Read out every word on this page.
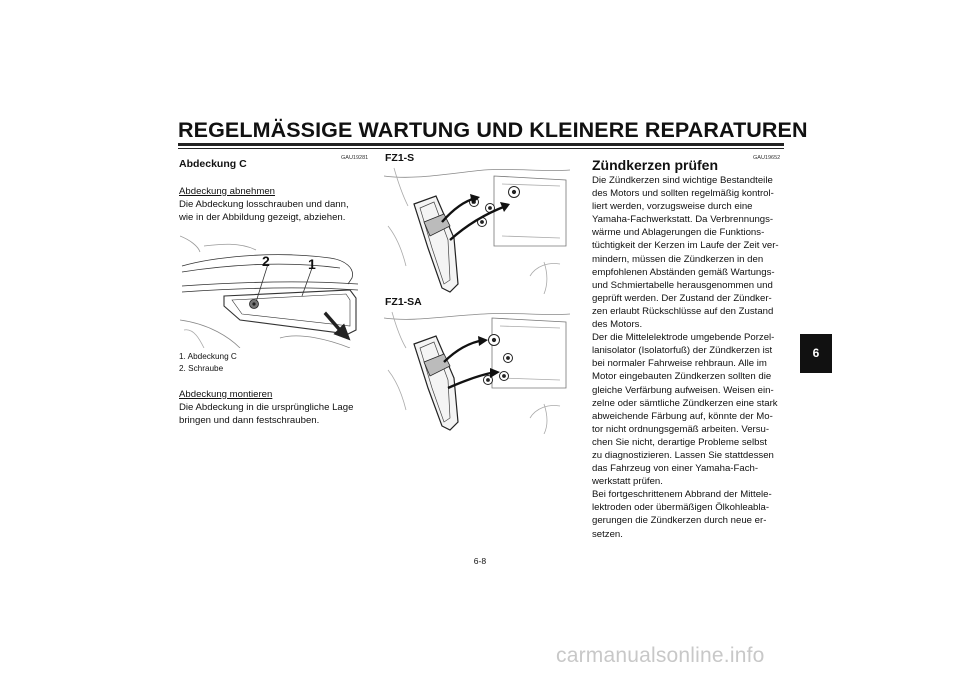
REGELMÄSSIGE WARTUNG UND KLEINERE REPARATUREN
GAU19281
Abdeckung C
Abdeckung abnehmen
Die Abdeckung losschrauben und dann,
wie in der Abbildung gezeigt, abziehen.
2	1
1. Abdeckung C
2. Schraube
Abdeckung montieren
Die Abdeckung in die ursprüngliche Lage
bringen und dann festschrauben.
FZ1-S
FZ1-SA
GAU19652
Zündkerzen prüfen
Die Zündkerzen sind wichtige Bestandteile
des Motors und sollten regelmäßig kontrol-
liert werden, vorzugsweise durch eine
Yamaha-Fachwerkstatt. Da Verbrennungs-
wärme und Ablagerungen die Funktions-
tüchtigkeit der Kerzen im Laufe der Zeit ver-
mindern, müssen die Zündkerzen in den
empfohlenen Abständen gemäß Wartungs-
und Schmiertabelle herausgenommen und
geprüft werden. Der Zustand der Zündker-
zen erlaubt Rückschlüsse auf den Zustand
des Motors.
Der die Mittelelektrode umgebende Porzel-
lanisolator (Isolatorfuß) der Zündkerzen ist
bei normaler Fahrweise rehbraun. Alle im
Motor eingebauten Zündkerzen sollten die
gleiche Verfärbung aufweisen. Weisen ein-
zelne oder sämtliche Zündkerzen eine stark
abweichende Färbung auf, könnte der Mo-
tor nicht ordnungsgemäß arbeiten. Versu-
chen Sie nicht, derartige Probleme selbst
zu diagnostizieren. Lassen Sie stattdessen
das Fahrzeug von einer Yamaha-Fach-
werkstatt prüfen.
Bei fortgeschrittenem Abbrand der Mittele-
lektroden oder übermäßigen Ölkohleabla-
gerungen die Zündkerzen durch neue er-
setzen.
6
6-8
carmanualsonline.info
